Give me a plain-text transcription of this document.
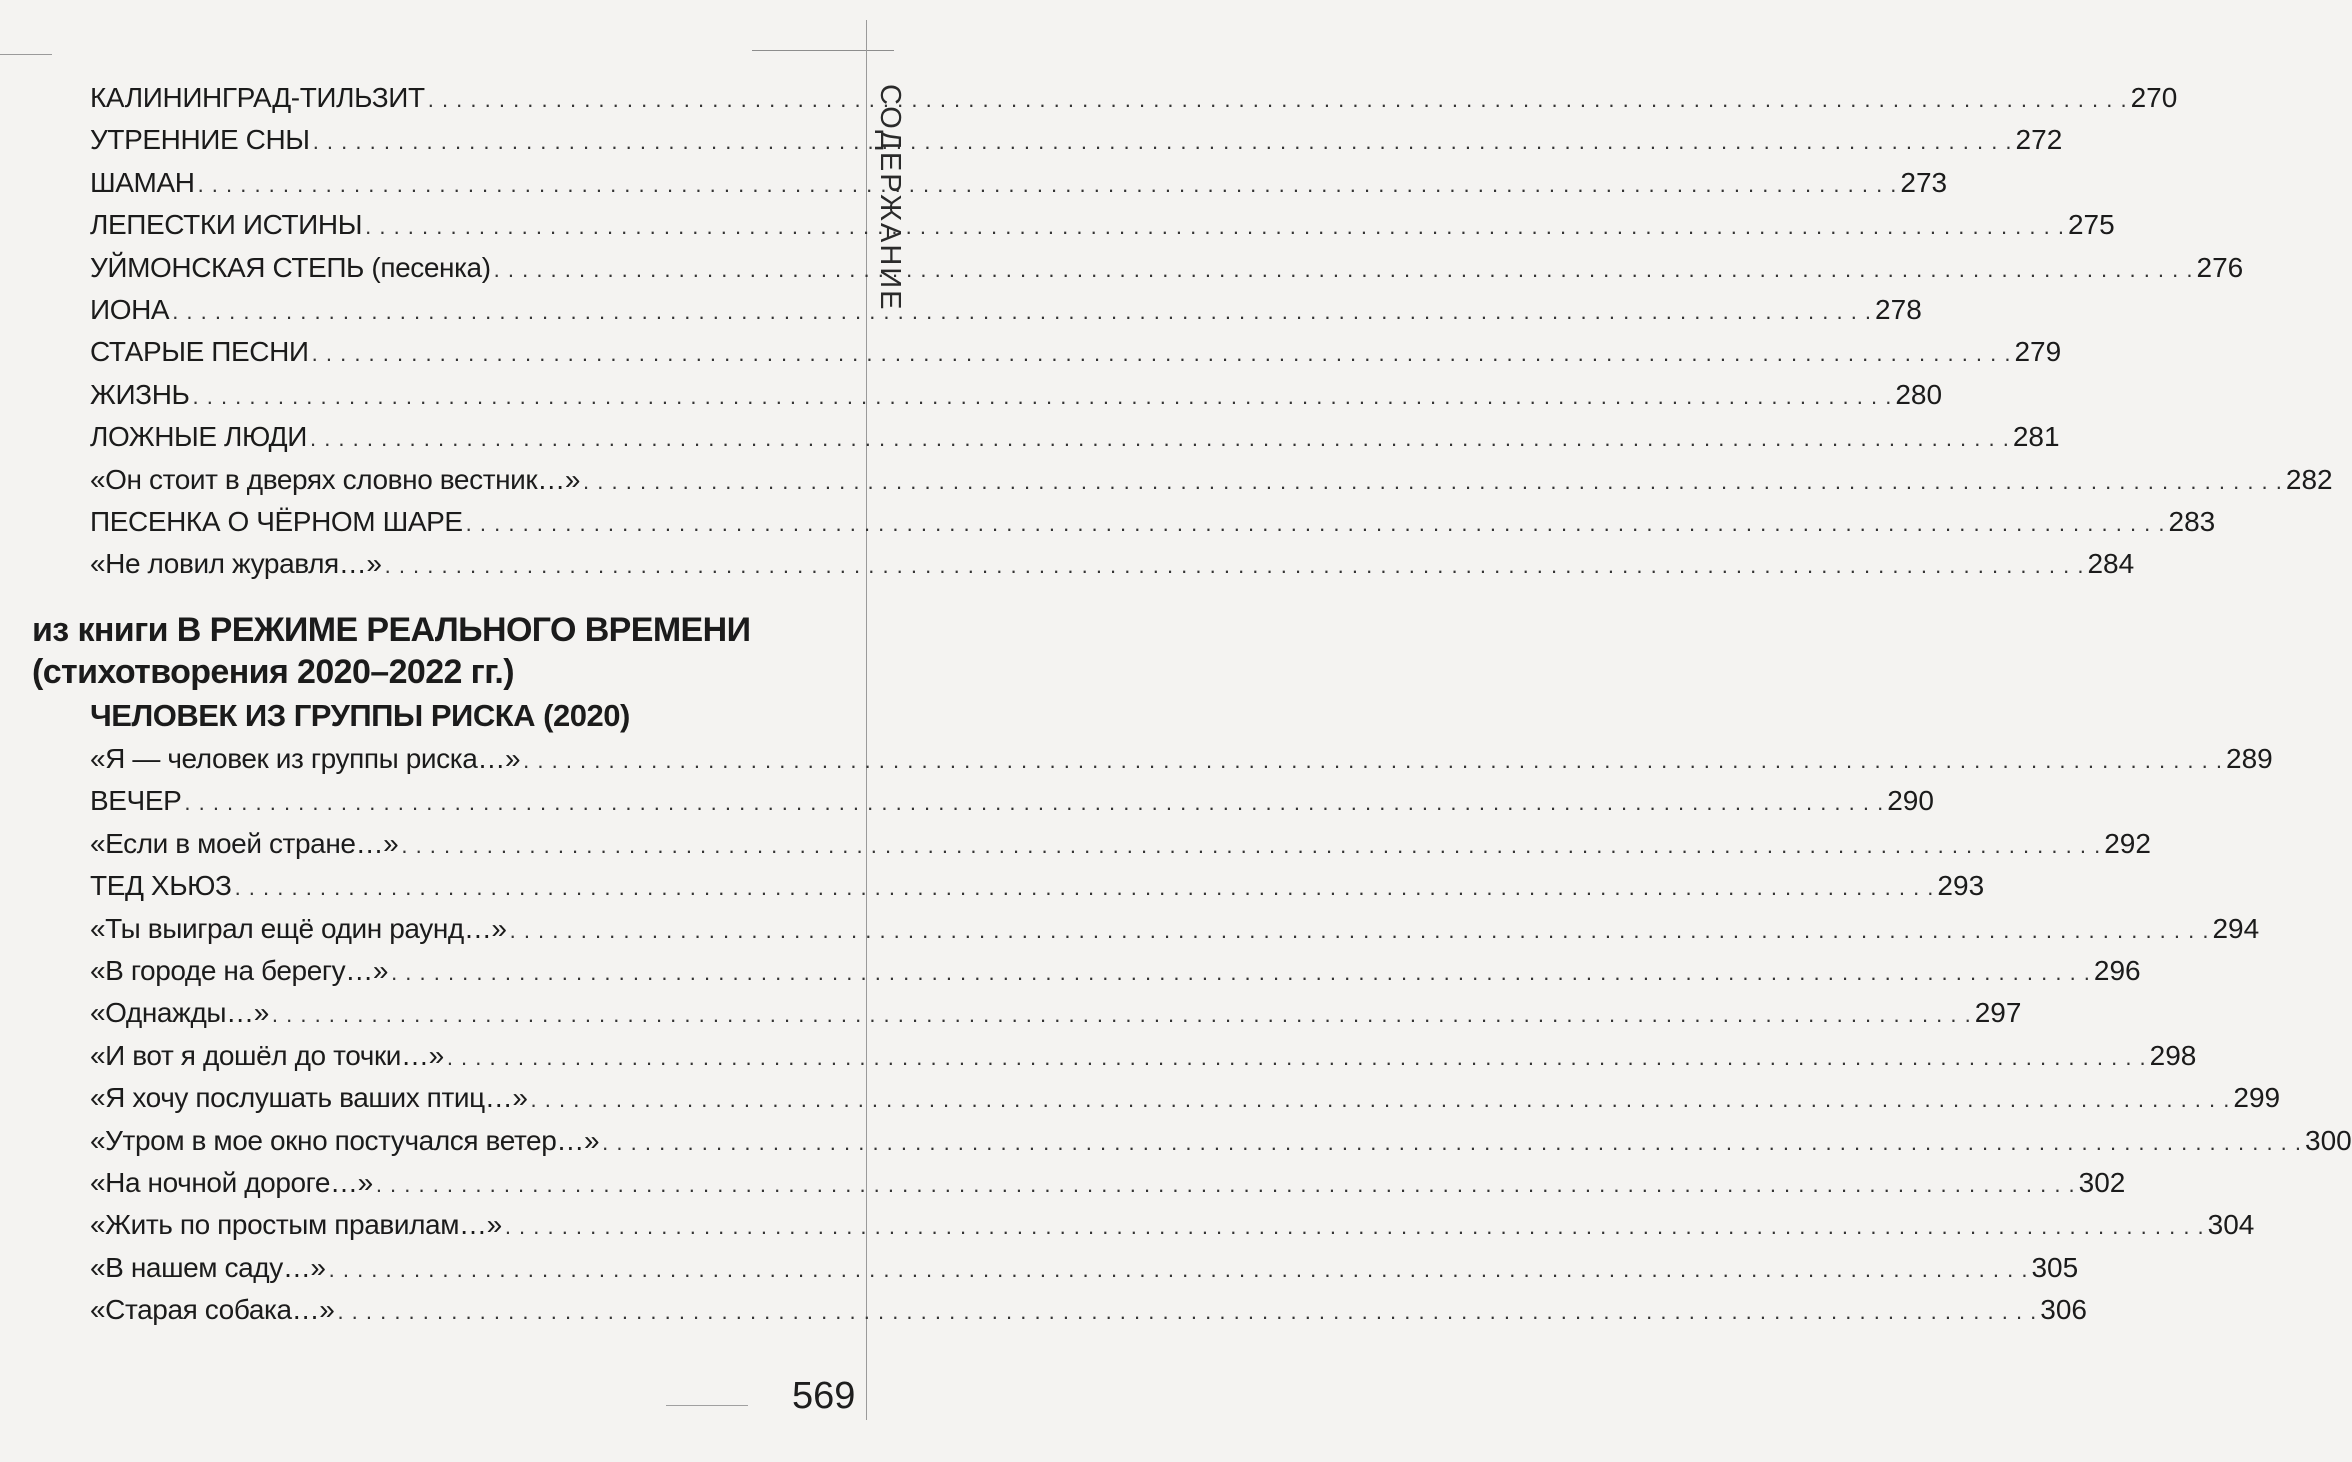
СОДЕРЖАНИЕ
КАЛИНИНГРАД-ТИЛЬЗИТ . . . . . . . . . . . . . . . . . . . . . . . . . . . . . . . . . . . . . . . . . . . . . . . . . . . . . . . . . . . . . . . . . . . . . . . . . . . . . . . . . . . . . . . . . . . . . . . . . . . . . . . . . . . . . . . . . . . . . . . . 270
УТРЕННИЕ СНЫ . . . . . . . . . . . . . . . . . . . . . . . . . . . . . . . . . . . . . . . . . . . . . . . . . . . . . . . . . . . . . . . . . . . . . . . . . . . . . . . . . . . . . . . . . . . . . . . . . . . . . . . . . . . . . . . . . . . . . . . . 272
ШАМАН . . . . . . . . . . . . . . . . . . . . . . . . . . . . . . . . . . . . . . . . . . . . . . . . . . . . . . . . . . . . . . . . . . . . . . . . . . . . . . . . . . . . . . . . . . . . . . . . . . . . . . . . . . . . . . . . . . . . . . . . 273
ЛЕПЕСТКИ ИСТИНЫ . . . . . . . . . . . . . . . . . . . . . . . . . . . . . . . . . . . . . . . . . . . . . . . . . . . . . . . . . . . . . . . . . . . . . . . . . . . . . . . . . . . . . . . . . . . . . . . . . . . . . . . . . . . . . . . . . . . . . . . . 275
УЙМОНСКАЯ СТЕПЬ (песенка) . . . . . . . . . . . . . . . . . . . . . . . . . . . . . . . . . . . . . . . . . . . . . . . . . . . . . . . . . . . . . . . . . . . . . . . . . . . . . . . . . . . . . . . . . . . . . . . . . . . . . . . . . . . . . . . . . . . . . . . . 276
ИОНА . . . . . . . . . . . . . . . . . . . . . . . . . . . . . . . . . . . . . . . . . . . . . . . . . . . . . . . . . . . . . . . . . . . . . . . . . . . . . . . . . . . . . . . . . . . . . . . . . . . . . . . . . . . . . . . . . . . . . . . . 278
СТАРЫЕ ПЕСНИ . . . . . . . . . . . . . . . . . . . . . . . . . . . . . . . . . . . . . . . . . . . . . . . . . . . . . . . . . . . . . . . . . . . . . . . . . . . . . . . . . . . . . . . . . . . . . . . . . . . . . . . . . . . . . . . . . . . . . . . . 279
ЖИЗНЬ . . . . . . . . . . . . . . . . . . . . . . . . . . . . . . . . . . . . . . . . . . . . . . . . . . . . . . . . . . . . . . . . . . . . . . . . . . . . . . . . . . . . . . . . . . . . . . . . . . . . . . . . . . . . . . . . . . . . . . . . 280
ЛОЖНЫЕ ЛЮДИ . . . . . . . . . . . . . . . . . . . . . . . . . . . . . . . . . . . . . . . . . . . . . . . . . . . . . . . . . . . . . . . . . . . . . . . . . . . . . . . . . . . . . . . . . . . . . . . . . . . . . . . . . . . . . . . . . . . . . . . . 281
«Он стоит в дверях словно вестник…» . . . . . . . . . . . . . . . . . . . . . . . . . . . . . . . . . . . . . . . . . . . . . . . . . . . . . . . . . . . . . . . . . . . . . . . . . . . . . . . . . . . . . . . . . . . . . . . . . . . . . . . . . . . . . . . . . . . . . . . . 282
ПЕСЕНКА О ЧЁРНОМ ШАРЕ . . . . . . . . . . . . . . . . . . . . . . . . . . . . . . . . . . . . . . . . . . . . . . . . . . . . . . . . . . . . . . . . . . . . . . . . . . . . . . . . . . . . . . . . . . . . . . . . . . . . . . . . . . . . . . . . . . . . . . . . 283
«Не ловил журавля…» . . . . . . . . . . . . . . . . . . . . . . . . . . . . . . . . . . . . . . . . . . . . . . . . . . . . . . . . . . . . . . . . . . . . . . . . . . . . . . . . . . . . . . . . . . . . . . . . . . . . . . . . . . . . . . . . . . . . . . . . 284
из книги В РЕЖИМЕ РЕАЛЬНОГО ВРЕМЕНИ
(стихотворения 2020–2022 гг.)
ЧЕЛОВЕК ИЗ ГРУППЫ РИСКА (2020)
«Я — человек из группы риска…» . . . . . . . . . . . . . . . . . . . . . . . . . . . . . . . . . . . . . . . . . . . . . . . . . . . . . . . . . . . . . . . . . . . . . . . . . . . . . . . . . . . . . . . . . . . . . . . . . . . . . . . . . . . . . . . . . . . . . . . . 289
ВЕЧЕР . . . . . . . . . . . . . . . . . . . . . . . . . . . . . . . . . . . . . . . . . . . . . . . . . . . . . . . . . . . . . . . . . . . . . . . . . . . . . . . . . . . . . . . . . . . . . . . . . . . . . . . . . . . . . . . . . . . . . . . . 290
«Если в моей стране…» . . . . . . . . . . . . . . . . . . . . . . . . . . . . . . . . . . . . . . . . . . . . . . . . . . . . . . . . . . . . . . . . . . . . . . . . . . . . . . . . . . . . . . . . . . . . . . . . . . . . . . . . . . . . . . . . . . . . . . . . 292
ТЕД ХЬЮЗ . . . . . . . . . . . . . . . . . . . . . . . . . . . . . . . . . . . . . . . . . . . . . . . . . . . . . . . . . . . . . . . . . . . . . . . . . . . . . . . . . . . . . . . . . . . . . . . . . . . . . . . . . . . . . . . . . . . . . . . . 293
«Ты выиграл ещё один раунд…» . . . . . . . . . . . . . . . . . . . . . . . . . . . . . . . . . . . . . . . . . . . . . . . . . . . . . . . . . . . . . . . . . . . . . . . . . . . . . . . . . . . . . . . . . . . . . . . . . . . . . . . . . . . . . . . . . . . . . . . . 294
«В городе на берегу…» . . . . . . . . . . . . . . . . . . . . . . . . . . . . . . . . . . . . . . . . . . . . . . . . . . . . . . . . . . . . . . . . . . . . . . . . . . . . . . . . . . . . . . . . . . . . . . . . . . . . . . . . . . . . . . . . . . . . . . . . 296
«Однажды…» . . . . . . . . . . . . . . . . . . . . . . . . . . . . . . . . . . . . . . . . . . . . . . . . . . . . . . . . . . . . . . . . . . . . . . . . . . . . . . . . . . . . . . . . . . . . . . . . . . . . . . . . . . . . . . . . . . . . . . . . 297
«И вот я дошёл до точки…» . . . . . . . . . . . . . . . . . . . . . . . . . . . . . . . . . . . . . . . . . . . . . . . . . . . . . . . . . . . . . . . . . . . . . . . . . . . . . . . . . . . . . . . . . . . . . . . . . . . . . . . . . . . . . . . . . . . . . . . . 298
«Я хочу послушать ваших птиц…» . . . . . . . . . . . . . . . . . . . . . . . . . . . . . . . . . . . . . . . . . . . . . . . . . . . . . . . . . . . . . . . . . . . . . . . . . . . . . . . . . . . . . . . . . . . . . . . . . . . . . . . . . . . . . . . . . . . . . . . . 299
«Утром в мое окно постучался ветер…» . . . . . . . . . . . . . . . . . . . . . . . . . . . . . . . . . . . . . . . . . . . . . . . . . . . . . . . . . . . . . . . . . . . . . . . . . . . . . . . . . . . . . . . . . . . . . . . . . . . . . . . . . . . . . . . . . . . . . . . . 300
«На ночной дороге…» . . . . . . . . . . . . . . . . . . . . . . . . . . . . . . . . . . . . . . . . . . . . . . . . . . . . . . . . . . . . . . . . . . . . . . . . . . . . . . . . . . . . . . . . . . . . . . . . . . . . . . . . . . . . . . . . . . . . . . . . 302
«Жить по простым правилам…» . . . . . . . . . . . . . . . . . . . . . . . . . . . . . . . . . . . . . . . . . . . . . . . . . . . . . . . . . . . . . . . . . . . . . . . . . . . . . . . . . . . . . . . . . . . . . . . . . . . . . . . . . . . . . . . . . . . . . . . . 304
«В нашем саду…» . . . . . . . . . . . . . . . . . . . . . . . . . . . . . . . . . . . . . . . . . . . . . . . . . . . . . . . . . . . . . . . . . . . . . . . . . . . . . . . . . . . . . . . . . . . . . . . . . . . . . . . . . . . . . . . . . . . . . . . . 305
«Старая собака…» . . . . . . . . . . . . . . . . . . . . . . . . . . . . . . . . . . . . . . . . . . . . . . . . . . . . . . . . . . . . . . . . . . . . . . . . . . . . . . . . . . . . . . . . . . . . . . . . . . . . . . . . . . . . . . . . . . . . . . . . 306
569
